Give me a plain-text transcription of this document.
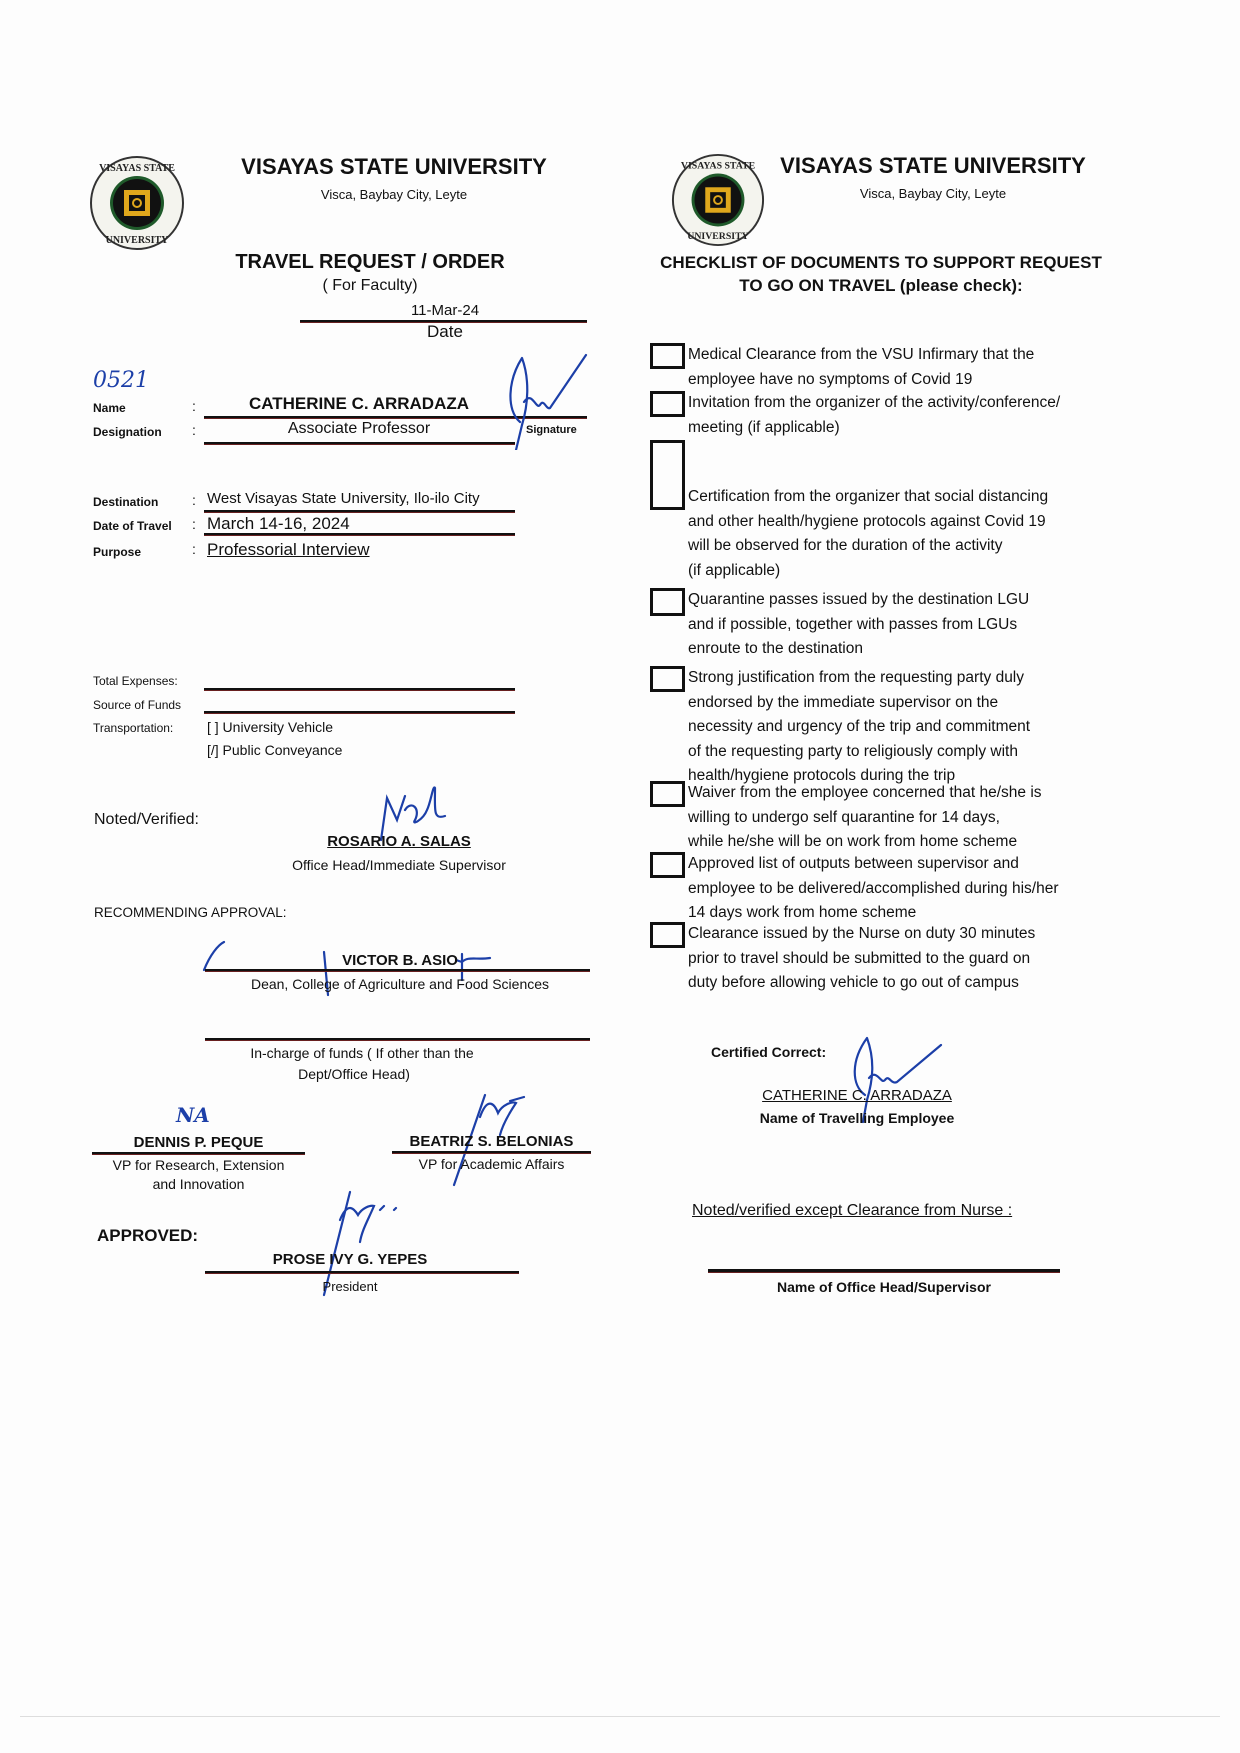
VISAYAS STATE
UNIVERSITY
VISAYAS STATE UNIVERSITY
Visca, Baybay City, Leyte
TRAVEL REQUEST / ORDER
( For Faculty)
11-Mar-24
Date
0521
Name	:	CATHERINE C. ARRADAZA
Designation :	Associate Professor	Signature
Destination : West Visayas State University, Ilo-ilo City
Date of Travel : March 14-16, 2024
Purpose	: Professorial Interview
Total Expenses:
Source of Funds
Transportation: [ ] University Vehicle
[/] Public Conveyance
Noted/Verified:
ROSARIO A. SALAS
Office Head/Immediate Supervisor
RECOMMENDING APPROVAL:
VICTOR B. ASIO
Dean, College of Agriculture and Food Sciences
In-charge of funds ( If other than the
Dept/Office Head)
NA
DENNIS P. PEQUE
VP for Research, Extension
and Innovation
BEATRIZ S. BELONIAS
VP for Academic Affairs
APPROVED:
PROSE IVY G. YEPES
President
VISAYAS STATE
UNIVERSITY
VISAYAS STATE UNIVERSITY
Visca, Baybay City, Leyte
CHECKLIST OF DOCUMENTS TO SUPPORT REQUEST
TO GO ON TRAVEL (please check):
Medical Clearance from the VSU Infirmary that the
employee have no symptoms of Covid 19
Invitation from the organizer of the activity/conference/
meeting (if applicable)
Certification from the organizer that social distancing
and other health/hygiene protocols against Covid 19
will be observed for the duration of the activity
(if applicable)
Quarantine passes issued by the destination LGU
and if possible, together with passes from LGUs
enroute to the destination
Strong justification from the requesting party duly
endorsed by the immediate supervisor on the
necessity and urgency of the trip and commitment
of the requesting party to religiously comply with
health/hygiene protocols during the trip
Waiver from the employee concerned that he/she is
willing to undergo self quarantine for 14 days,
while he/she will be on work from home scheme
Approved list of outputs between supervisor and
employee to be delivered/accomplished during his/her
14 days work from home scheme
Clearance issued by the Nurse on duty 30 minutes
prior to travel should be submitted to the guard on
duty before allowing vehicle to go out of campus
Certified Correct:
CATHERINE C. ARRADAZA
Name of Travelling Employee
Noted/verified except Clearance from Nurse :
Name of Office Head/Supervisor
